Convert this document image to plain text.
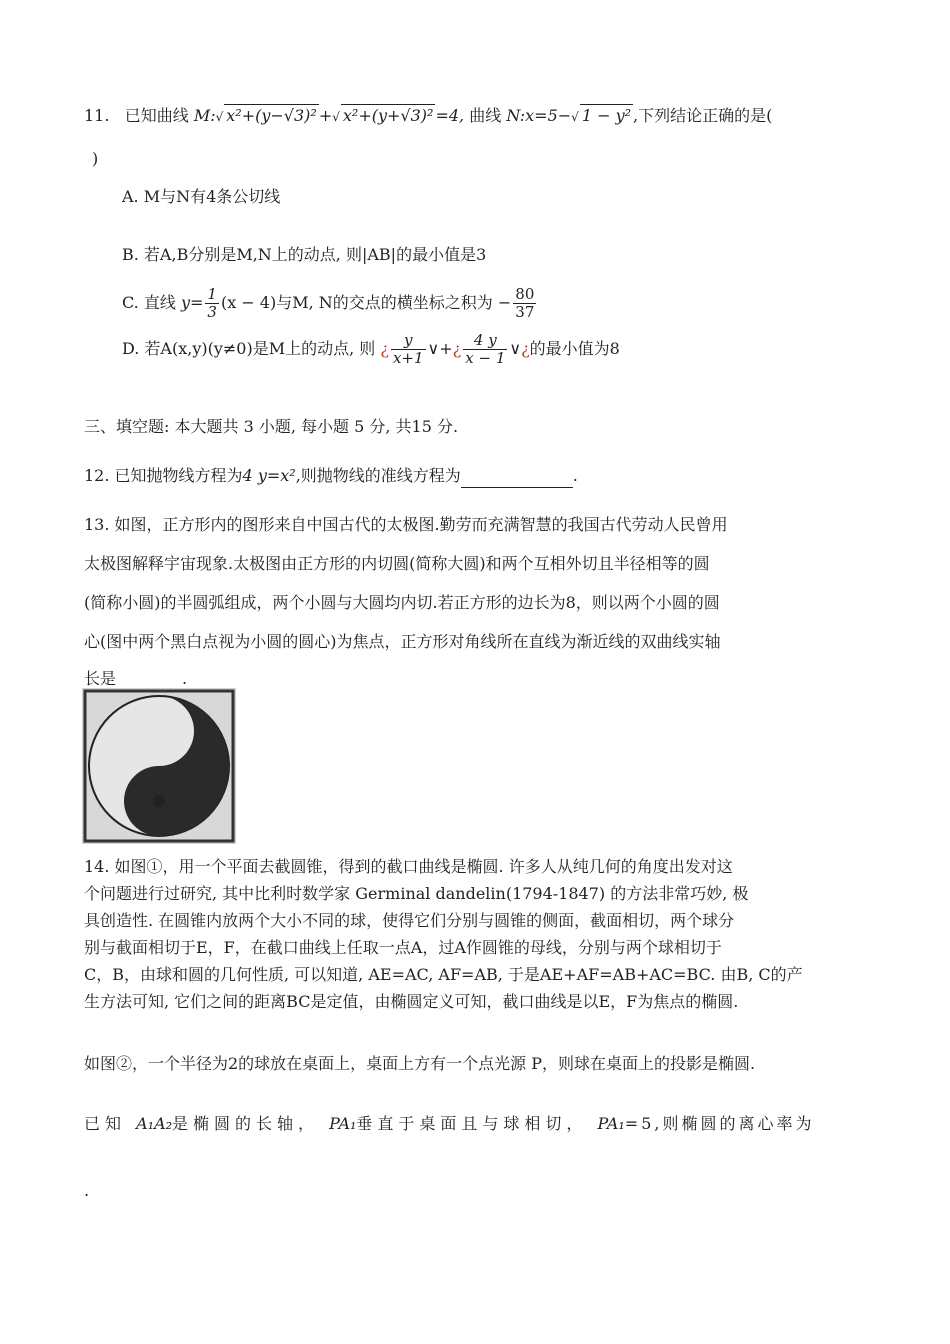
11. 已知曲线 M:√ x²+(y−√3)² +√ x²+(y+√3)² =4, 曲线 N:x=5−√ 1 − y² ,下列结论正确的是(
)
A. M与N有4条公切线
B. 若A,B分别是M,N上的动点, 则|AB|的最小值是3
C. 直线 $y= \frac{1}{3} (x - 4)$与M, N的交点的横坐标之积为 − $\frac{80}{37}$
D. 若A(x,y)(y≠0)是M上的动点, 则 ¿ $\frac{y}{x+1}$ ∨+¿ $\frac{4 y}{x - 1}$ ∨¿的最小值为8
三、填空题: 本大题共 3 小题, 每小题 5 分, 共15 分.
12. 已知抛物线方程为4 y=x²,则抛物线的准线方程为	.
13. 如图，正方形内的图形来自中国古代的太极图.勤劳而充满智慧的我国古代劳动人民曾用
太极图解释宇宙现象.太极图由正方形的内切圆(简称大圆)和两个互相外切且半径相等的圆
(简称小圆)的半圆弧组成，两个小圆与大圆均内切.若正方形的边长为8，则以两个小圆的圆
心(图中两个黑白点视为小圆的圆心)为焦点，正方形对角线所在直线为渐近线的双曲线实轴
长是	.
14. 如图①，用一个平面去截圆锥，得到的截口曲线是椭圆. 许多人从纯几何的角度出发对这
个问题进行过研究, 其中比利时数学家 Germinal dandelin(1794-1847) 的方法非常巧妙, 极
具创造性. 在圆锥内放两个大小不同的球，使得它们分别与圆锥的侧面，截面相切，两个球分
别与截面相切于E，F，在截口曲线上任取一点A，过A作圆锥的母线，分别与两个球相切于
C，B，由球和圆的几何性质, 可以知道, AE=AC, AF=AB, 于是AE+AF=AB+AC=BC. 由B, C的产
生方法可知, 它们之间的距离BC是定值，由椭圆定义可知，截口曲线是以E，F为焦点的椭圆.
如图②，一个半径为2的球放在桌面上，桌面上方有一个点光源 P，则球在桌面上的投影是椭圆.
已知 A₁A₂是椭圆的长轴， PA₁垂直于桌面且与球相切， PA₁=5,则椭圆的离心率为
.
